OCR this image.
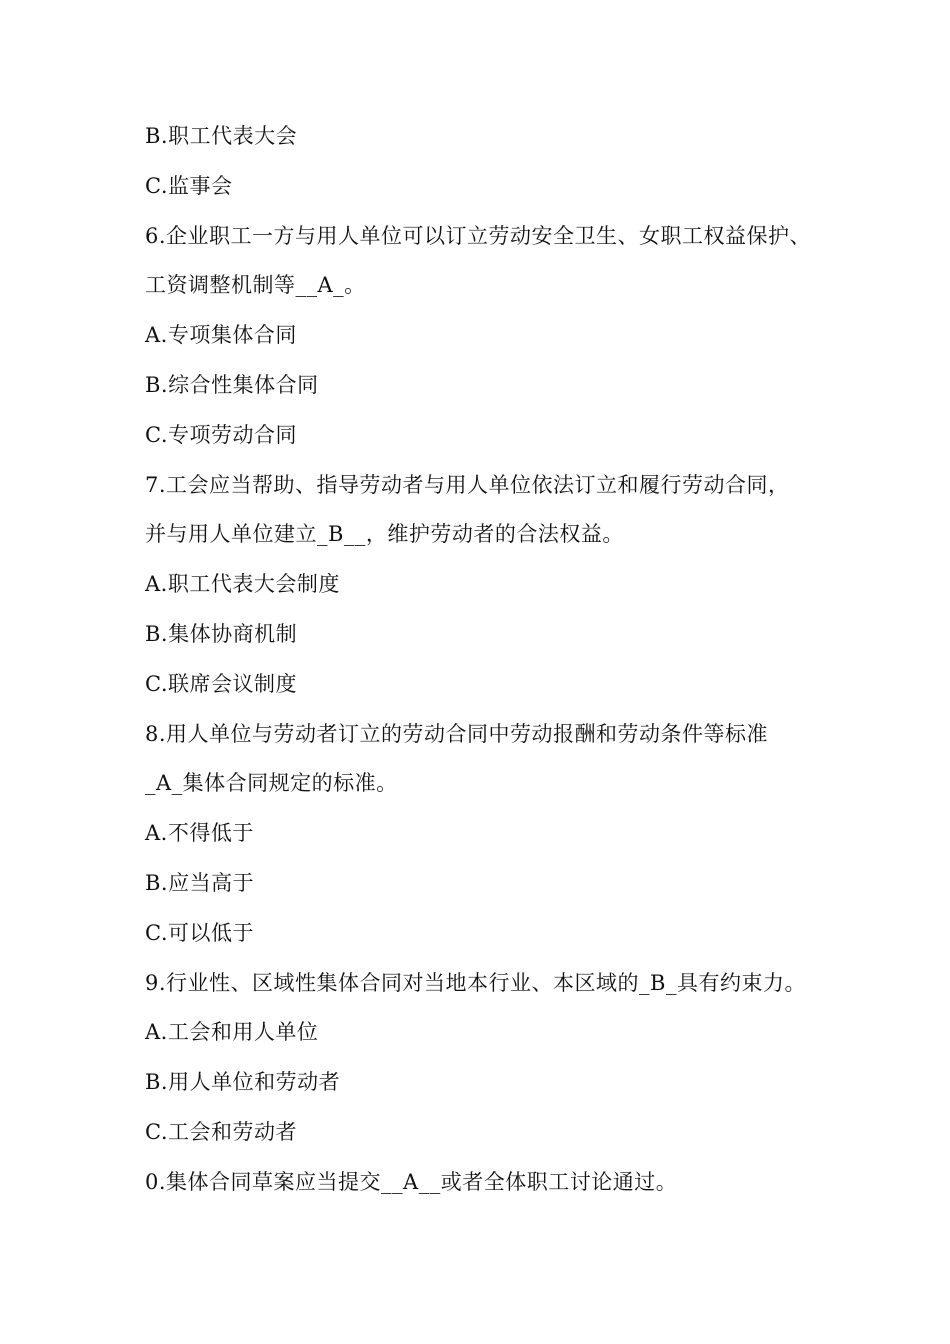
B.职工代表大会
C.监事会
6.企业职工一方与用人单位可以订立劳动安全卫生、女职工权益保护、
工资调整机制等__A_。
A.专项集体合同
B.综合性集体合同
C.专项劳动合同
7.工会应当帮助、指导劳动者与用人单位依法订立和履行劳动合同，
并与用人单位建立_B__，维护劳动者的合法权益。
A.职工代表大会制度
B.集体协商机制
C.联席会议制度
8.用人单位与劳动者订立的劳动合同中劳动报酬和劳动条件等标准
_A_集体合同规定的标准。
A.不得低于
B.应当高于
C.可以低于
9.行业性、区域性集体合同对当地本行业、本区域的_B_具有约束力。
A.工会和用人单位
B.用人单位和劳动者
C.工会和劳动者
0.集体合同草案应当提交__A__或者全体职工讨论通过。
